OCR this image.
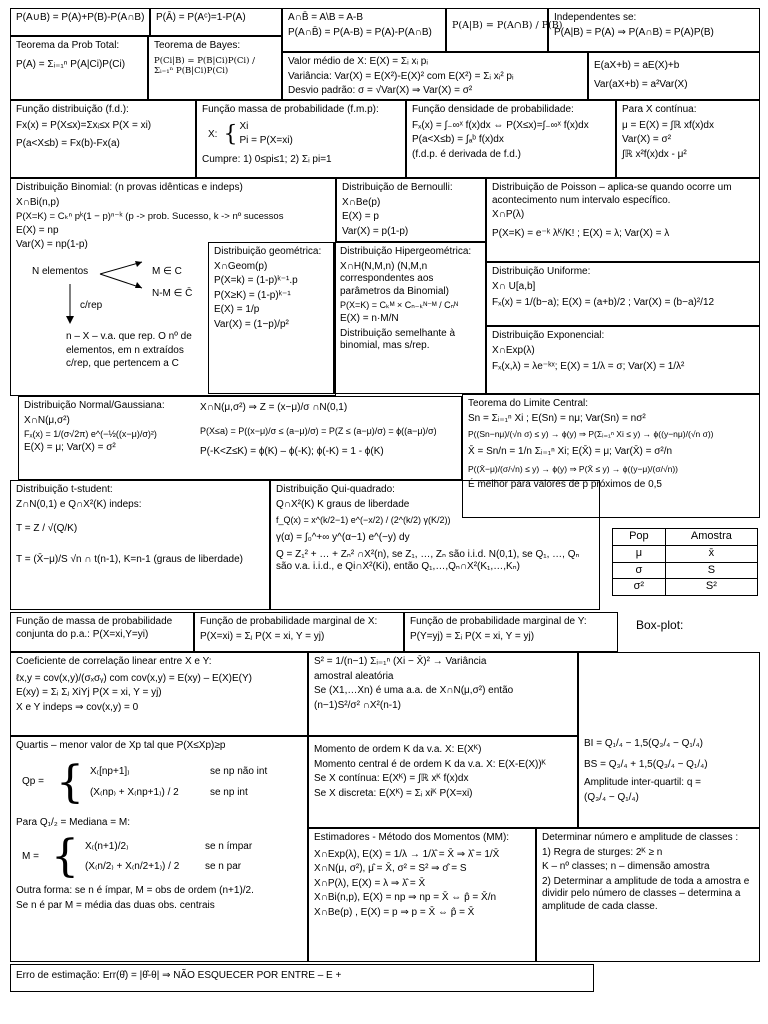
P(A∪B) = P(A)+P(B)-P(A∩B) P(Ā) = P(Aᶜ)=1-P(A)	A∩B̄ = A\B = A-B
P(A∩B̄) = P(A-B) = P(A)-P(A∩B)
P(A|B) = P(A∩B) / P(B)
Independentes se:
P(A|B) = P(A) ⇒ P(A∩B) = P(A)P(B)
Teorema da Prob Total:
P(A) = Σᵢ₌₁ⁿ P(A|Ci)P(Ci)
Teorema de Bayes:
P(Ci|B) = P(B|Ci)P(Ci) / Σᵢ₌₁ⁿ P(B|Ci)P(Ci)
Valor médio de X: E(X) = Σᵢ xᵢ pᵢ
Variância: Var(X) = E(X²)-E(X)² com E(X²) = Σᵢ xᵢ² pᵢ
Desvio padrão: σ = √Var(X) ⇒ Var(X) = σ²
E(aX+b) = aE(X)+b
Var(aX+b) = a²Var(X)
Função distribuição (f.d.):
Fx(x) = P(X≤x)=Σxᵢ≤x P(X = xi)
P(a<X≤b) = Fx(b)-Fx(a)
Função massa de probabilidade (f.m.p):
X: { Xi
Pi = P(X=xi)
Cumpre: 1) 0≤pi≤1; 2) Σᵢ pi=1
Função densidade de probabilidade:
Fₓ(x) = ∫₋∞ˣ f(x)dx ⇔ P(X≤x)=∫₋∞ˣ f(x)dx
P(a<X≤b) = ∫ₐᵇ f(x)dx
(f.d.p. é derivada de f.d.)
Para X contínua:
μ = E(X) = ∫ℝ xf(x)dx
Var(X) = σ²
∫ℝ x²f(x)dx - μ²
Distribuição Binomial: (n provas idênticas e indeps)
X∩Bi(n,p)
P(X=K) = Cₖⁿ pᵏ(1 − p)ⁿ⁻ᵏ (p -> prob. Sucesso, k -> nº sucessos
E(X) = np
Var(X) = np(1-p)
N elementos	M ∈ C
N-M ∈ C̄
c/rep
n – X – v.a. que rep. O nº de elementos, em n extraídos c/rep, que pertencem a C
Distribuição geométrica:
X∩Geom(p)
P(X=k) = (1-p)ᵏ⁻¹.p
P(X≥K) = (1-p)ᵏ⁻¹
E(X) = 1/p
Var(X) = (1−p)/p²
Distribuição de Bernoulli:
X∩Be(p)
E(X) = p
Var(X) = p(1-p)
Distribuição Hipergeométrica:
X∩H(N,M,n) (N,M,n correspondentes aos parâmetros da Binomial)
P(X=K) = Cₖᴹ × Cₙ₋ₖᴺ⁻ᴹ / Cₙᴺ
E(X) = n·M/N
Distribuição semelhante à binomial, mas s/rep.
Distribuição de Poisson – aplica-se quando ocorre um acontecimento num intervalo específico.
X∩P(λ)
P(X=K) = e⁻ᵏ λᴷ/K! ; E(X) = λ; Var(X) = λ
Distribuição Uniforme:
X∩ U[a,b]
Fₓ(x) = 1/(b−a); E(X) = (a+b)/2 ; Var(X) = (b−a)²/12
Distribuição Exponencial:
X∩Exp(λ)
Fₓ(x,λ) = λe⁻ᵏˣ; E(X) = 1/λ = σ; Var(X) = 1/λ²
Distribuição Normal/Gaussiana:
X∩N(μ,σ²)
Fₓ(x) = 1/(σ√2π) e^(−½((x−μ)/σ)²)
E(X) = μ; Var(X) = σ²
X∩N(μ,σ²) ⇒ Z = (x−μ)/σ ∩N(0,1)
P(X≤a) = P((x−μ)/σ ≤ (a−μ)/σ) = P(Z ≤ (a−μ)/σ) = ϕ((a−μ)/σ)
P(-K<Z≤K) = ϕ(K) – ϕ(-K); ϕ(-K) = 1 - ϕ(K)
Teorema do Limite Central:
Sn = Σᵢ₌₁ⁿ Xi ; E(Sn) = nμ; Var(Sn) = nσ²
P((Sn−nμ)/(√n σ) ≤ y) → ϕ(y) ⇒ P(Σᵢ₌₁ⁿ Xi ≤ y) → ϕ((y−nμ)/(√n σ))
X̄ = Sn/n = 1/n Σᵢ₌₁ⁿ Xi; E(X̄) = μ; Var(X̄) = σ²/n
P((X̄−μ)/(σ/√n) ≤ y) → ϕ(y) ⇒ P(X̄ ≤ y) → ϕ((y−μ)/(σ/√n))
É melhor para valores de p próximos de 0,5
Distribuição t-student:
Z∩N(0,1) e Q∩X²(K) indeps:
T = Z / √(Q/K)
T = (X̄−μ)/S √n ∩ t(n-1), K=n-1 (graus de liberdade)
Distribuição Qui-quadrado:
Q∩X²(K) K graus de liberdade
f_Q(x) = x^(k/2−1) e^(−x/2) / (2^(k/2) γ(K/2))
γ(α) = ∫₀^+∞ y^(α−1) e^(−y) dy
Q = Z₁² + … + Zₙ² ∩X²(n), se Z₁, …, Zₙ são i.i.d. N(0,1), se Q₁, …, Qₙ são v.a. i.i.d., e Qi∩X²(Ki), então Q₁,…,Qₙ∩X²(K₁,…,Kₙ)
Pop	Amostra
μ	x̄
σ	S
σ²	S²
Função de massa de probabilidade conjunta do p.a.: P(X=xi,Y=yi)
Função de probabilidade marginal de X:
P(X=xi) = Σⱼ P(X = xi, Y = yj)
Função de probabilidade marginal de Y:
P(Y=yj) = Σᵢ P(X = xi, Y = yj)
Box-plot:
Coeficiente de correlação linear entre X e Y:
ℓx,y = cov(x,y)/(σₓσᵧ) com cov(x,y) = E(xy) – E(X)E(Y)
E(xy) = Σᵢ Σⱼ XiYj P(X = xi, Y = yj)
X e Y indeps ⇒ cov(x,y) = 0
S² = 1/(n−1) Σᵢ₌₁ⁿ (Xi − X̄)² → Variância
amostral aleatória
Se (X1,…Xn) é uma a.a. de X∩N(μ,σ²) então
(n−1)S²/σ² ∩X²(n-1)
Quartis – menor valor de Xp tal que P(X≤Xp)≥p
Qp = { X₍[np+1]₎	se np não int
(X₍np₎ + X₍np+1₎) / 2	se np int
Para Q₁/₂ = Mediana = M:
M = { X₍(n+1)/2₎	se n ímpar
(X₍n/2₎ + X₍n/2+1₎) / 2	se n par
Outra forma: se n é ímpar, M = obs de ordem (n+1)/2.
Se n é par M = média das duas obs. centrais
Momento de ordem K da v.a. X: E(Xᴷ)
Momento central é de ordem K da v.a. X: E(X-E(X))ᴷ
Se X contínua: E(Xᴷ) = ∫ℝ xᴷ f(x)dx
Se X discreta: E(Xᴷ) = Σᵢ xiᴷ P(X=xi)
BI = Q₁/₄ − 1,5(Q₃/₄ − Q₁/₄)
BS = Q₃/₄ + 1,5(Q₃/₄ − Q₁/₄)
Amplitude inter-quartil: q =
(Q₃/₄ − Q₁/₄)
Estimadores - Método dos Momentos (MM):
X∩Exp(λ), E(X) = 1/λ → 1/λ̂ = X̄ ⇒ λ̂ = 1/X̄
X∩N(μ, σ²), μ̂ = X̄, σ² = S² ⇒ σ̂ = S
X∩P(λ), E(X) = λ ⇒ λ̂ = X̄
X∩Bi(n,p), E(X) = np ⇒ np = X̄ ⇔ p̂ = X̄/n
X∩Be(p) , E(X) = p ⇒ p = X̄ ⇔ p̂ = X̄
Determinar número e amplitude de classes :
1) Regra de sturges: 2ᴷ ≥ n
K – nº classes; n – dimensão amostra
2) Determinar a amplitude de toda a amostra e dividir pelo número de classes – determina a amplitude de cada classe.
Erro de estimação: Err(θ̂) = |θ̂-θ| ⇒ NÃO ESQUECER POR ENTRE – E +
